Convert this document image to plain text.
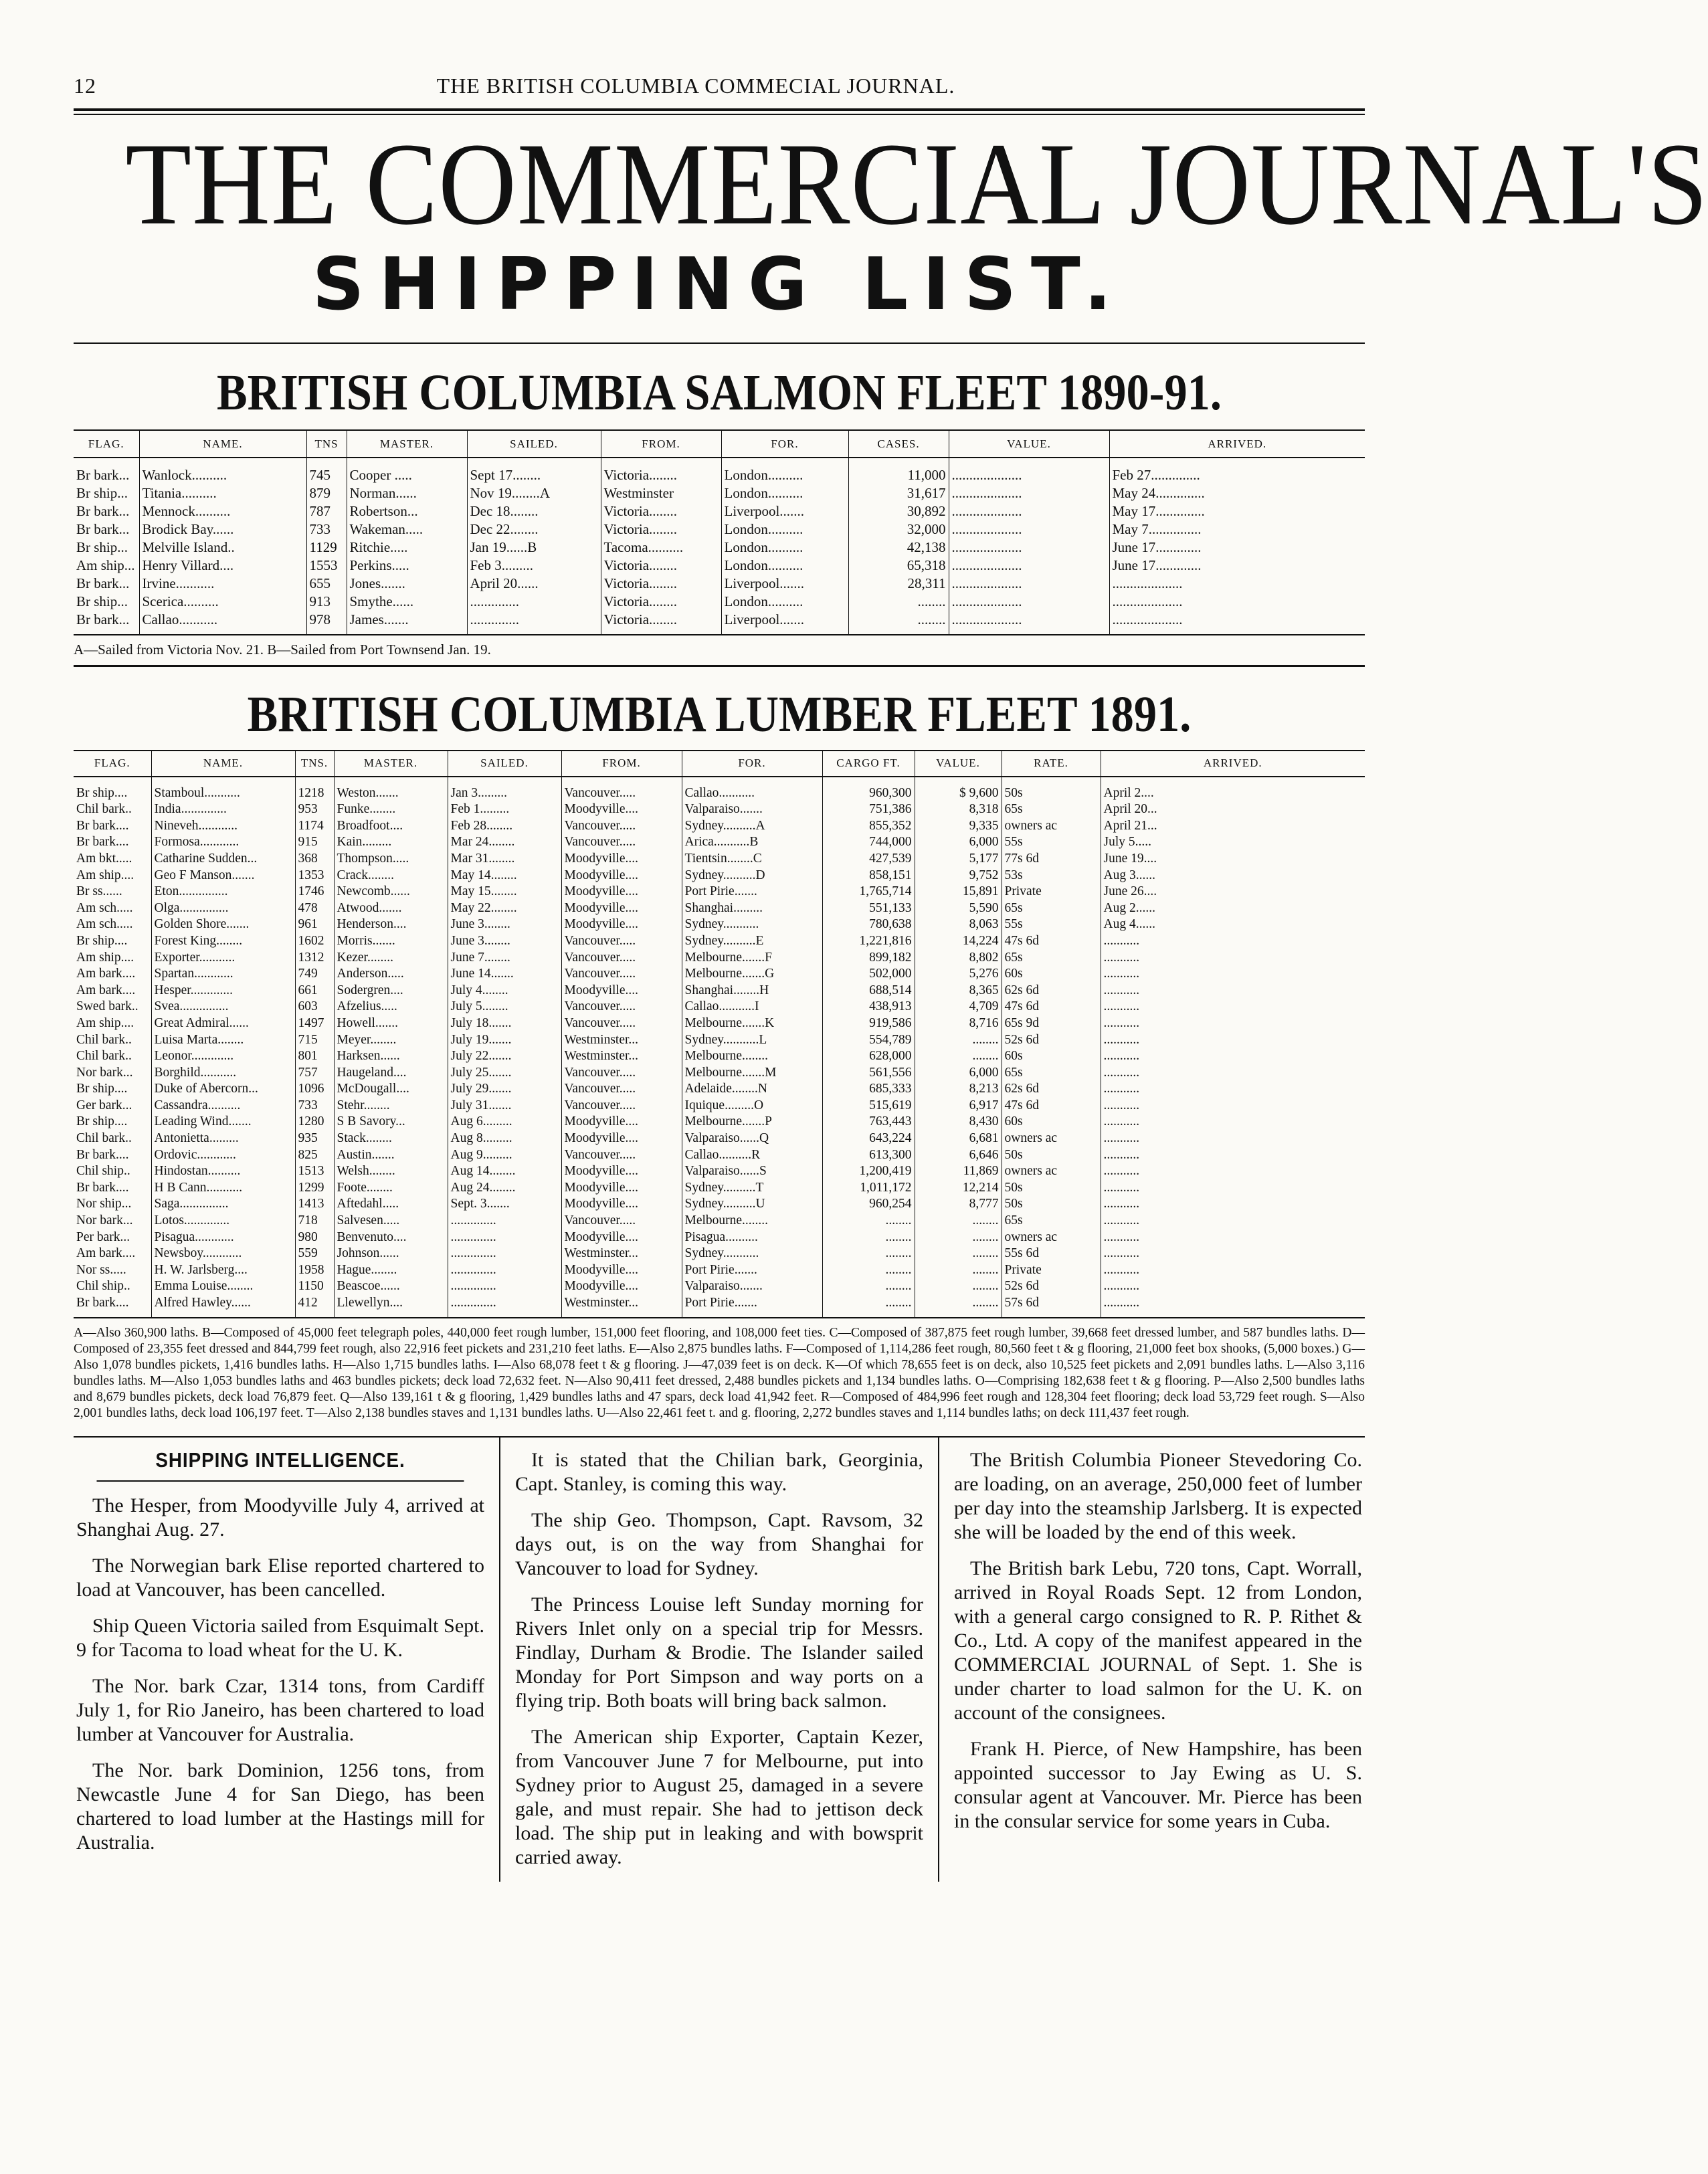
12	THE BRITISH COLUMBIA COMMECIAL JOURNAL.
THE COMMERCIAL JOURNAL'S
SHIPPING LIST.
BRITISH COLUMBIA SALMON FLEET 1890-91.
FLAG.	NAME.	TNS	MASTER.	SAILED.	FROM.	FOR.	CASES.	VALUE.	ARRIVED.
Br bark...	Wanlock..........	745	Cooper .....	Sept 17........	Victoria........	London..........	11,000	....................	Feb 27..............
Br ship...	Titania..........	879	Norman......	Nov 19........A	Westminster	London..........	31,617	....................	May 24..............
Br bark...	Mennock..........	787	Robertson...	Dec 18........	Victoria........	Liverpool.......	30,892	....................	May 17..............
Br bark...	Brodick Bay......	733	Wakeman.....	Dec 22........	Victoria........	London..........	32,000	....................	May 7...............
Br ship...	Melville Island..	1129	Ritchie.....	Jan 19......B	Tacoma..........	London..........	42,138	....................	June 17.............
Am ship...	Henry Villard....	1553	Perkins.....	Feb 3.........	Victoria........	London..........	65,318	....................	June 17.............
Br bark...	Irvine...........	655	Jones.......	April 20......	Victoria........	Liverpool.......	28,311	....................	....................
Br ship...	Scerica..........	913	Smythe......	..............	Victoria........	London..........	........	....................	....................
Br bark...	Callao...........	978	James.......	..............	Victoria........	Liverpool.......	........	....................	....................
A—Sailed from Victoria Nov. 21. B—Sailed from Port Townsend Jan. 19.
BRITISH COLUMBIA LUMBER FLEET 1891.
FLAG.	NAME.	TNS.	MASTER.	SAILED.	FROM.	FOR.	CARGO FT.	VALUE.	RATE.	ARRIVED.
Br ship....	Stamboul...........	1218	Weston.......	Jan 3.........	Vancouver.....	Callao...........	960,300	$ 9,600	50s	April 2....
Chil bark..	India..............	953	Funke........	Feb 1.........	Moodyville....	Valparaiso.......	751,386	8,318	65s	April 20...
Br bark....	Nineveh............	1174	Broadfoot....	Feb 28........	Vancouver.....	Sydney..........A	855,352	9,335	owners ac	April 21...
Br bark....	Formosa............	915	Kain.........	Mar 24........	Vancouver.....	Arica...........B	744,000	6,000	55s	July 5.....
Am bkt.....	Catharine Sudden...	368	Thompson.....	Mar 31........	Moodyville....	Tientsin........C	427,539	5,177	77s 6d	June 19....
Am ship....	Geo F Manson.......	1353	Crack........	May 14........	Moodyville....	Sydney..........D	858,151	9,752	53s	Aug 3......
Br ss......	Eton...............	1746	Newcomb......	May 15........	Moodyville....	Port Pirie.......	1,765,714	15,891	Private	June 26....
Am sch.....	Olga...............	478	Atwood.......	May 22........	Moodyville....	Shanghai.........	551,133	5,590	65s	Aug 2......
Am sch.....	Golden Shore.......	961	Henderson....	June 3........	Moodyville....	Sydney...........	780,638	8,063	55s	Aug 4......
Br ship....	Forest King........	1602	Morris.......	June 3........	Vancouver.....	Sydney..........E	1,221,816	14,224	47s 6d	...........
Am ship....	Exporter...........	1312	Kezer........	June 7........	Vancouver.....	Melbourne.......F	899,182	8,802	65s	...........
Am bark....	Spartan............	749	Anderson.....	June 14.......	Vancouver.....	Melbourne.......G	502,000	5,276	60s	...........
Am bark....	Hesper.............	661	Sodergren....	July 4........	Moodyville....	Shanghai........H	688,514	8,365	62s 6d	...........
Swed bark..	Svea...............	603	Afzelius.....	July 5........	Vancouver.....	Callao...........I	438,913	4,709	47s 6d	...........
Am ship....	Great Admiral......	1497	Howell.......	July 18.......	Vancouver.....	Melbourne.......K	919,586	8,716	65s 9d	...........
Chil bark..	Luisa Marta........	715	Meyer........	July 19.......	Westminster...	Sydney...........L	554,789	........	52s 6d	...........
Chil bark..	Leonor.............	801	Harksen......	July 22.......	Westminster...	Melbourne........	628,000	........	60s	...........
Nor bark...	Borghild...........	757	Haugeland....	July 25.......	Vancouver.....	Melbourne.......M	561,556	6,000	65s	...........
Br ship....	Duke of Abercorn...	1096	McDougall....	July 29.......	Vancouver.....	Adelaide........N	685,333	8,213	62s 6d	...........
Ger bark...	Cassandra..........	733	Stehr........	July 31.......	Vancouver.....	Iquique.........O	515,619	6,917	47s 6d	...........
Br ship....	Leading Wind.......	1280	S B Savory...	Aug 6.........	Moodyville....	Melbourne.......P	763,443	8,430	60s	...........
Chil bark..	Antonietta.........	935	Stack........	Aug 8.........	Moodyville....	Valparaiso......Q	643,224	6,681	owners ac	...........
Br bark....	Ordovic............	825	Austin.......	Aug 9.........	Vancouver.....	Callao..........R	613,300	6,646	50s	...........
Chil ship..	Hindostan..........	1513	Welsh........	Aug 14........	Moodyville....	Valparaiso......S	1,200,419	11,869	owners ac	...........
Br bark....	H B Cann...........	1299	Foote........	Aug 24........	Moodyville....	Sydney..........T	1,011,172	12,214	50s	...........
Nor ship...	Saga...............	1413	Aftedahl.....	Sept. 3.......	Moodyville....	Sydney..........U	960,254	8,777	50s	...........
Nor bark...	Lotos..............	718	Salvesen.....	..............	Vancouver.....	Melbourne........	........	........	65s	...........
Per bark...	Pisagua............	980	Benvenuto....	..............	Moodyville....	Pisagua..........	........	........	owners ac	...........
Am bark....	Newsboy............	559	Johnson......	..............	Westminster...	Sydney...........	........	........	55s 6d	...........
Nor ss.....	H. W. Jarlsberg....	1958	Hague........	..............	Moodyville....	Port Pirie.......	........	........	Private	...........
Chil ship..	Emma Louise........	1150	Beascoe......	..............	Moodyville....	Valparaiso.......	........	........	52s 6d	...........
Br bark....	Alfred Hawley......	412	Llewellyn....	..............	Westminster...	Port Pirie.......	........	........	57s 6d	...........
A—Also 360,900 laths. B—Composed of 45,000 feet telegraph poles, 440,000 feet rough lumber, 151,000 feet flooring, and 108,000 feet ties. C—Composed of 387,875 feet rough lumber, 39,668 feet dressed lumber, and 587 bundles laths. D—Composed of 23,355 feet dressed and 844,799 feet rough, also 22,916 feet pickets and 231,210 feet laths. E—Also 2,875 bundles laths. F—Composed of 1,114,286 feet rough, 80,560 feet t & g flooring, 21,000 feet box shooks, (5,000 boxes.) G—Also 1,078 bundles pickets, 1,416 bundles laths. H—Also 1,715 bundles laths. I—Also 68,078 feet t & g flooring. J—47,039 feet is on deck. K—Of which 78,655 feet is on deck, also 10,525 feet pickets and 2,091 bundles laths. L—Also 3,116 bundles laths. M—Also 1,053 bundles laths and 463 bundles pickets; deck load 72,632 feet. N—Also 90,411 feet dressed, 2,488 bundles pickets and 1,134 bundles laths. O—Comprising 182,638 feet t & g flooring. P—Also 2,500 bundles laths and 8,679 bundles pickets, deck load 76,879 feet. Q—Also 139,161 t & g flooring, 1,429 bundles laths and 47 spars, deck load 41,942 feet. R—Composed of 484,996 feet rough and 128,304 feet flooring; deck load 53,729 feet rough. S—Also 2,001 bundles laths, deck load 106,197 feet. T—Also 2,138 bundles staves and 1,131 bundles laths. U—Also 22,461 feet t. and g. flooring, 2,272 bundles staves and 1,114 bundles laths; on deck 111,437 feet rough.
SHIPPING INTELLIGENCE.

The Hesper, from Moodyville July 4, arrived at Shanghai Aug. 27.

The Norwegian bark Elise reported chartered to load at Vancouver, has been cancelled.

Ship Queen Victoria sailed from Esquimalt Sept. 9 for Tacoma to load wheat for the U. K.

The Nor. bark Czar, 1314 tons, from Cardiff July 1, for Rio Janeiro, has been chartered to load lumber at Vancouver for Australia.

The Nor. bark Dominion, 1256 tons, from Newcastle June 4 for San Diego, has been chartered to load lumber at the Hastings mill for Australia.

It is stated that the Chilian bark, Georginia, Capt. Stanley, is coming this way.

The ship Geo. Thompson, Capt. Ravsom, 32 days out, is on the way from Shanghai for Vancouver to load for Sydney.

The Princess Louise left Sunday morning for Rivers Inlet only on a special trip for Messrs. Findlay, Durham & Brodie. The Islander sailed Monday for Port Simpson and way ports on a flying trip. Both boats will bring back salmon.

The American ship Exporter, Captain Kezer, from Vancouver June 7 for Melbourne, put into Sydney prior to August 25, damaged in a severe gale, and must repair. She had to jettison deck load. The ship put in leaking and with bowsprit carried away.

The British Columbia Pioneer Stevedoring Co. are loading, on an average, 250,000 feet of lumber per day into the steamship Jarlsberg. It is expected she will be loaded by the end of this week.

The British bark Lebu, 720 tons, Capt. Worrall, arrived in Royal Roads Sept. 12 from London, with a general cargo consigned to R. P. Rithet & Co., Ltd. A copy of the manifest appeared in the COMMERCIAL JOURNAL of Sept. 1. She is under charter to load salmon for the U. K. on account of the consignees.

Frank H. Pierce, of New Hampshire, has been appointed successor to Jay Ewing as U. S. consular agent at Vancouver. Mr. Pierce has been in the consular service for some years in Cuba.
